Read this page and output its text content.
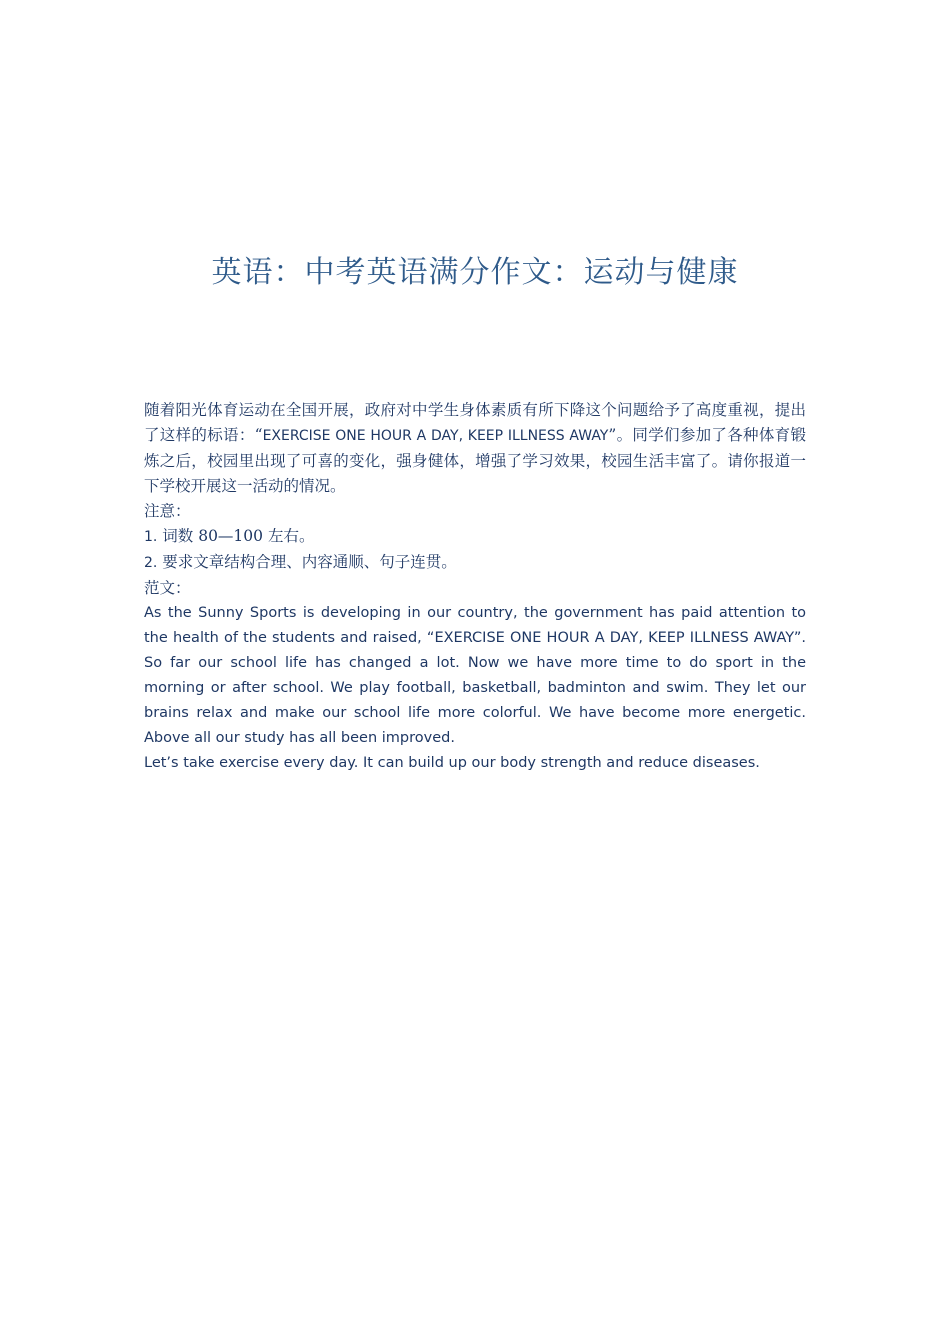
英语：中考英语满分作文：运动与健康

随着阳光体育运动在全国开展，政府对中学生身体素质有所下降这个问题给予了高度重视，提出了这样的标语：“EXERCISE ONE HOUR A DAY, KEEP ILLNESS AWAY”。同学们参加了各种体育锻炼之后，校园里出现了可喜的变化，强身健体，增强了学习效果，校园生活丰富了。请你报道一下学校开展这一活动的情况。

注意：

1. 词数 80—100 左右。

2. 要求文章结构合理、内容通顺、句子连贯。

范文：

As the Sunny Sports is developing in our country, the government has paid attention to the health of the students and raised, “EXERCISE ONE HOUR A DAY, KEEP ILLNESS AWAY”. So far our school life has changed a lot. Now we have more time to do sport in the morning or after school. We play football, basketball, badminton and swim. They let our brains relax and make our school life more colorful. We have become more energetic. Above all our study has all been improved.

Let’s take exercise every day. It can build up our body strength and reduce diseases.
